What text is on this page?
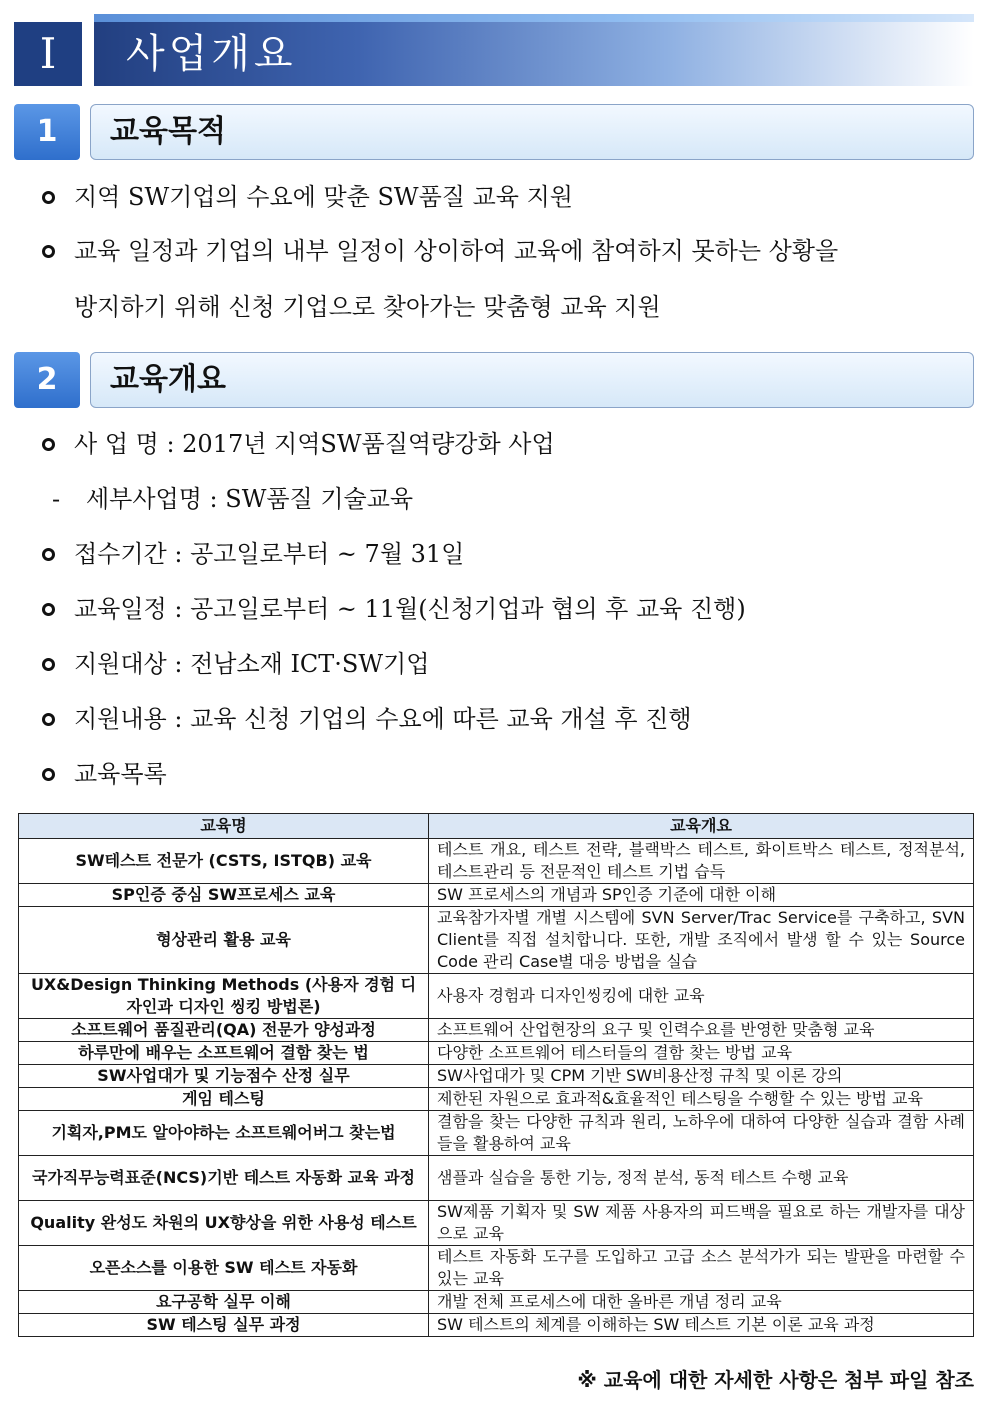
I	사업개요
1	교육목적
지역 SW기업의 수요에 맞춘 SW품질 교육 지원
교육 일정과 기업의 내부 일정이 상이하여 교육에 참여하지 못하는 상황을
방지하기 위해 신청 기업으로 찾아가는 맞춤형 교육 지원
2	교육개요
사 업 명 : 2017년 지역SW품질역량강화 사업
- 세부사업명 : SW품질 기술교육
접수기간 : 공고일로부터 ~ 7월 31일
교육일정 : 공고일로부터 ~ 11월(신청기업과 협의 후 교육 진행)
지원대상 : 전남소재 ICT·SW기업
지원내용 : 교육 신청 기업의 수요에 따른 교육 개설 후 진행
교육목록
교육명	교육개요
SW테스트 전문가 (CSTS, ISTQB) 교육	테스트 개요, 테스트 전략, 블랙박스 테스트, 화이트박스 테스트, 정적분석, 테스트관리 등 전문적인 테스트 기법 습득
SP인증 중심 SW프로세스 교육	SW 프로세스의 개념과 SP인증 기준에 대한 이해
형상관리 활용 교육	교육참가자별 개별 시스템에 SVN Server/Trac Service를 구축하고, SVN Client를 직접 설치합니다. 또한, 개발 조직에서 발생 할 수 있는 Source Code 관리 Case별 대응 방법을 실습
UX&Design Thinking Methods (사용자 경험 디자인과 디자인 씽킹 방법론)	사용자 경험과 디자인씽킹에 대한 교육
소프트웨어 품질관리(QA) 전문가 양성과정	소프트웨어 산업현장의 요구 및 인력수요를 반영한 맞춤형 교육
하루만에 배우는 소프트웨어 결함 찾는 법	다양한 소프트웨어 테스터들의 결함 찾는 방법 교육
SW사업대가 및 기능점수 산정 실무	SW사업대가 및 CPM 기반 SW비용산정 규칙 및 이론 강의
게임 테스팅	제한된 자원으로 효과적&효율적인 테스팅을 수행할 수 있는 방법 교육
기획자,PM도 알아야하는 소프트웨어버그 찾는법	결함을 찾는 다양한 규칙과 원리, 노하우에 대하여 다양한 실습과 결함 사례들을 활용하여 교육
국가직무능력표준(NCS)기반 테스트 자동화 교육 과정	샘플과 실습을 통한 기능, 정적 분석, 동적 테스트 수행 교육
Quality 완성도 차원의 UX향상을 위한 사용성 테스트	SW제품 기획자 및 SW 제품 사용자의 피드백을 필요로 하는 개발자를 대상으로 교육
오픈소스를 이용한 SW 테스트 자동화	테스트 자동화 도구를 도입하고 고급 소스 분석가가 되는 발판을 마련할 수 있는 교육
요구공학 실무 이해	개발 전체 프로세스에 대한 올바른 개념 정리 교육
SW 테스팅 실무 과정	SW 테스트의 체계를 이해하는 SW 테스트 기본 이론 교육 과정
※ 교육에 대한 자세한 사항은 첨부 파일 참조
